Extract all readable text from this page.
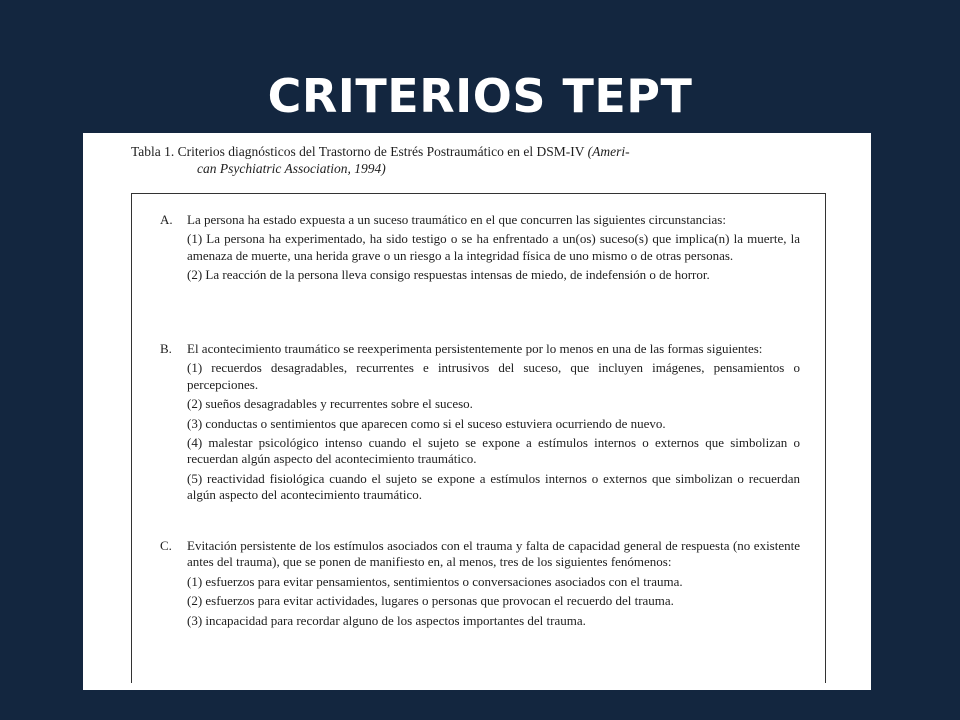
CRITERIOS TEPT
Tabla 1. Criterios diagnósticos del Trastorno de Estrés Postraumático en el DSM-IV (Ameri-
can Psychiatric Association, 1994)
A.	La persona ha estado expuesta a un suceso traumático en el que concurren las siguientes circunstancias:
(1) La persona ha experimentado, ha sido testigo o se ha enfrentado a un(os) suceso(s) que implica(n) la muerte, la amenaza de muerte, una herida grave o un riesgo a la integridad física de uno mismo o de otras personas.
(2) La reacción de la persona lleva consigo respuestas intensas de miedo, de indefensión o de horror.
B.	El acontecimiento traumático se reexperimenta persistentemente por lo menos en una de las formas siguientes:
(1) recuerdos desagradables, recurrentes e intrusivos del suceso, que incluyen imágenes, pensamientos o percepciones.
(2) sueños desagradables y recurrentes sobre el suceso.
(3) conductas o sentimientos que aparecen como si el suceso estuviera ocurriendo de nuevo.
(4) malestar psicológico intenso cuando el sujeto se expone a estímulos internos o externos que simbolizan o recuerdan algún aspecto del acontecimiento traumático.
(5) reactividad fisiológica cuando el sujeto se expone a estímulos internos o externos que simbolizan o recuerdan algún aspecto del acontecimiento traumático.
C.	Evitación persistente de los estímulos asociados con el trauma y falta de capacidad general de respuesta (no existente antes del trauma), que se ponen de manifiesto en, al menos, tres de los siguientes fenómenos:
(1) esfuerzos para evitar pensamientos, sentimientos o conversaciones asociados con el trauma.
(2) esfuerzos para evitar actividades, lugares o personas que provocan el recuerdo del trauma.
(3) incapacidad para recordar alguno de los aspectos importantes del trauma.
